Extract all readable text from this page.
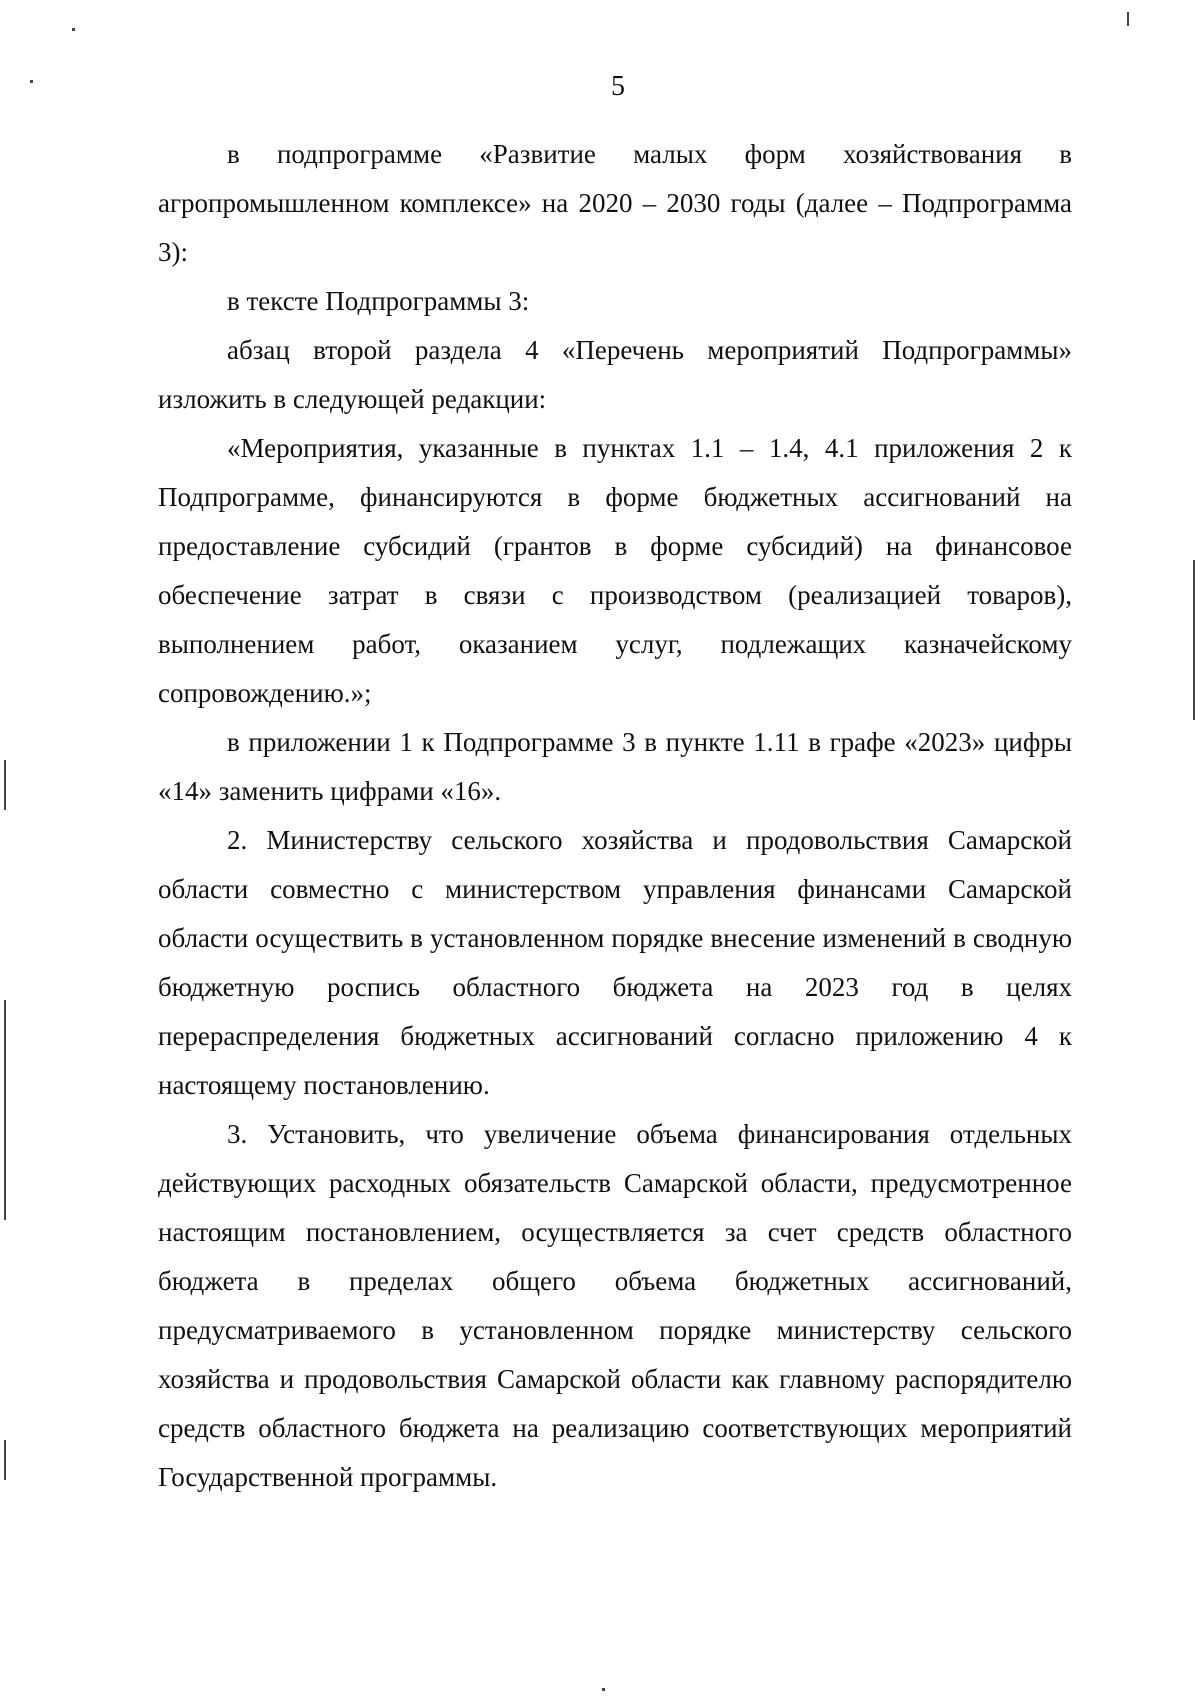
5

в подпрограмме «Развитие малых форм хозяйствования в агропромышленном комплексе» на 2020 – 2030 годы (далее – Подпрограмма 3):

в тексте Подпрограммы 3:

абзац второй раздела 4 «Перечень мероприятий Подпрограммы» изложить в следующей редакции:

«Мероприятия, указанные в пунктах 1.1 – 1.4, 4.1 приложения 2 к Подпрограмме, финансируются в форме бюджетных ассигнований на предоставление субсидий (грантов в форме субсидий) на финансовое обеспечение затрат в связи с производством (реализацией товаров), выполнением работ, оказанием услуг, подлежащих казначейскому сопровождению.»;

в приложении 1 к Подпрограмме 3 в пункте 1.11 в графе «2023» цифры «14» заменить цифрами «16».

2. Министерству сельского хозяйства и продовольствия Самарской области совместно с министерством управления финансами Самарской области осуществить в установленном порядке внесение изменений в сводную бюджетную роспись областного бюджета на 2023 год в целях перераспределения бюджетных ассигнований согласно приложению 4 к настоящему постановлению.

3. Установить, что увеличение объема финансирования отдельных действующих расходных обязательств Самарской области, предусмотренное настоящим постановлением, осуществляется за счет средств областного бюджета в пределах общего объема бюджетных ассигнований, предусматриваемого в установленном порядке министерству сельского хозяйства и продовольствия Самарской области как главному распорядителю средств областного бюджета на реализацию соответствующих мероприятий Государственной программы.
